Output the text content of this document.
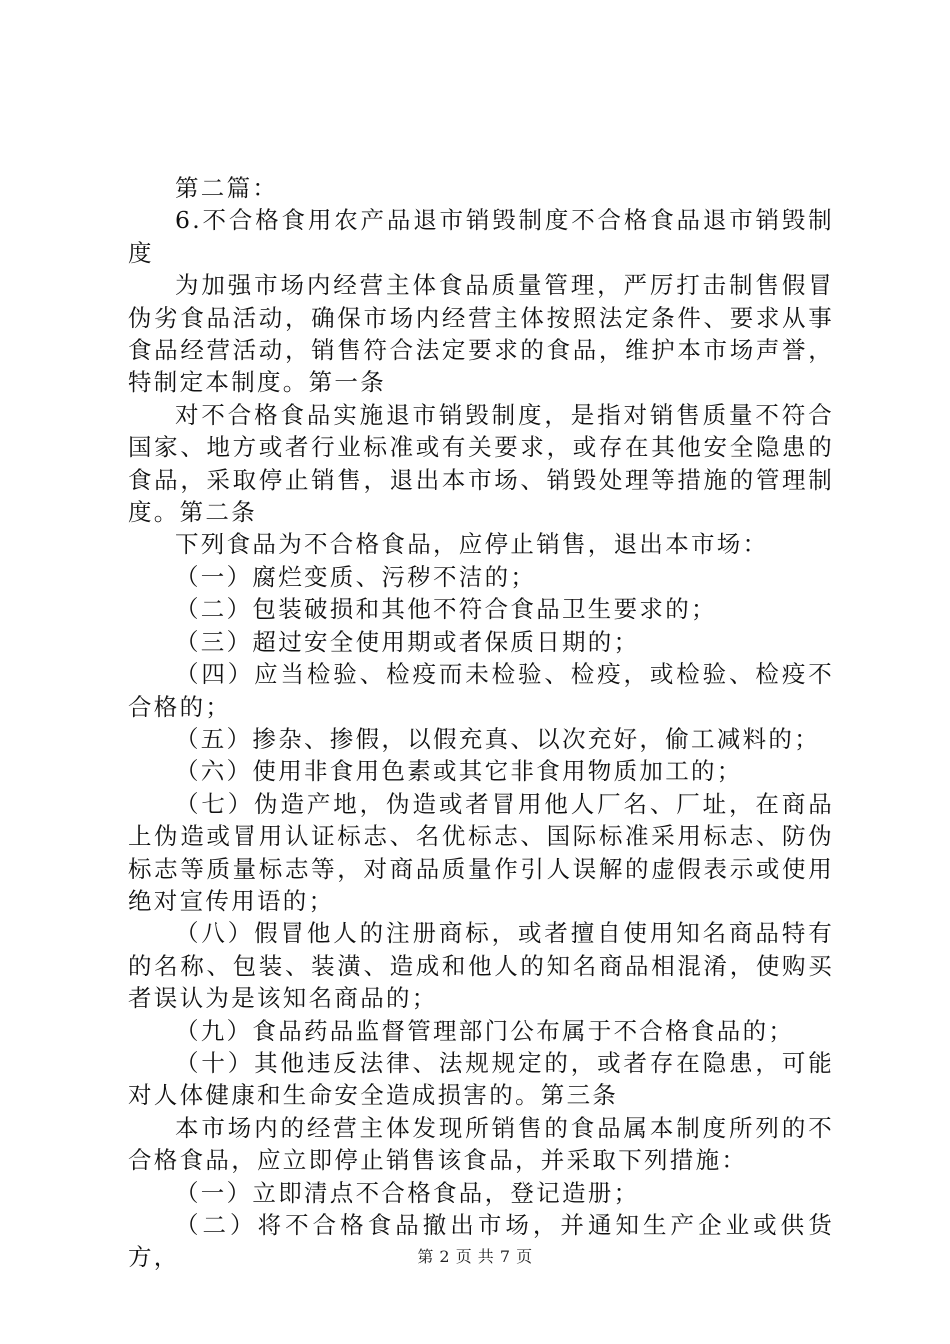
第二篇：

6.不合格食用农产品退市销毁制度不合格食品退市销毁制度

为加强市场内经营主体食品质量管理，严厉打击制售假冒伪劣食品活动，确保市场内经营主体按照法定条件、要求从事食品经营活动，销售符合法定要求的食品，维护本市场声誉，特制定本制度。第一条

对不合格食品实施退市销毁制度，是指对销售质量不符合国家、地方或者行业标准或有关要求，或存在其他安全隐患的食品，采取停止销售，退出本市场、销毁处理等措施的管理制度。第二条

下列食品为不合格食品，应停止销售，退出本市场：

（一）腐烂变质、污秽不洁的；

（二）包装破损和其他不符合食品卫生要求的；

（三）超过安全使用期或者保质日期的；

（四）应当检验、检疫而未检验、检疫，或检验、检疫不合格的；

（五）掺杂、掺假，以假充真、以次充好，偷工减料的；

（六）使用非食用色素或其它非食用物质加工的；

（七）伪造产地，伪造或者冒用他人厂名、厂址，在商品上伪造或冒用认证标志、名优标志、国际标准采用标志、防伪标志等质量标志等，对商品质量作引人误解的虚假表示或使用绝对宣传用语的；

（八）假冒他人的注册商标，或者擅自使用知名商品特有的名称、包装、装潢、造成和他人的知名商品相混淆，使购买者误认为是该知名商品的；

（九）食品药品监督管理部门公布属于不合格食品的；

（十）其他违反法律、法规规定的，或者存在隐患，可能对人体健康和生命安全造成损害的。第三条

本市场内的经营主体发现所销售的食品属本制度所列的不合格食品，应立即停止销售该食品，并采取下列措施：

（一）立即清点不合格食品，登记造册；

（二）将不合格食品撤出市场，并通知生产企业或供货方，	第 2 页 共 7 页
